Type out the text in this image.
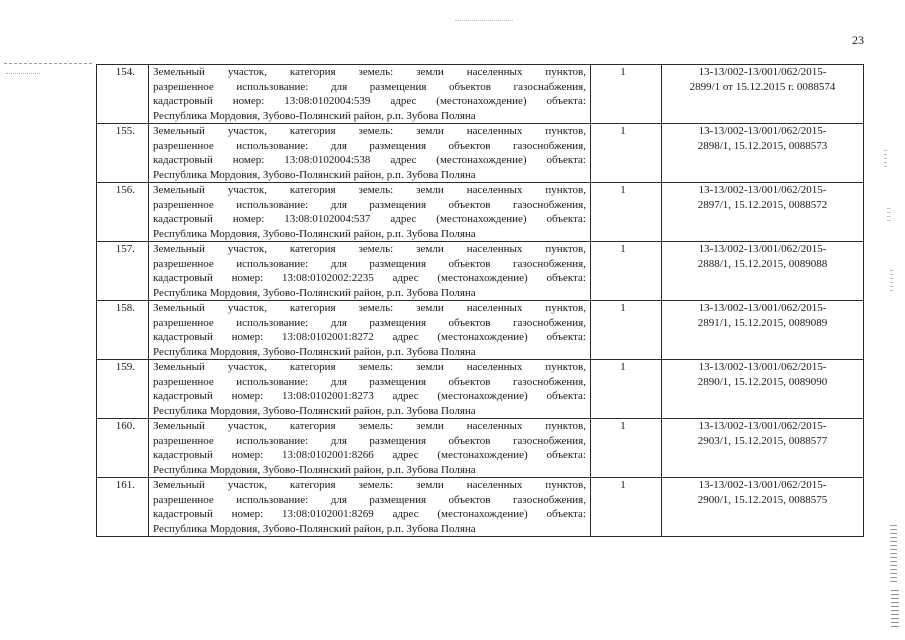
23
154.	Земельный участок, категория земель: земли населенных пунктов,
разрешенное использование: для размещения объектов газоснабжения,
кадастровый номер: 13:08:0102004:539 адрес (местонахождение) объекта:
Республика Мордовия, Зубово-Полянский район, р.п. Зубова Поляна	1	13-13/002-13/001/062/2015-
2899/1 от 15.12.2015 г. 0088574

155.	Земельный участок, категория земель: земли населенных пунктов,
разрешенное использование: для размещения объектов газоснобжения,
кадастровый номер: 13:08:0102004:538 адрес (местонахождение) объекта:
Республика Мордовия, Зубово-Полянский район, р.п. Зубова Поляна	1	13-13/002-13/001/062/2015-
2898/1, 15.12.2015, 0088573

156.	Земельный участок, категория земель: земли населенных пунктов,
разрешенное использование: для размещения объектов газоснобжения,
кадастровый номер: 13:08:0102004:537 адрес (местонахождение) объекта:
Республика Мордовия, Зубово-Полянский район, р.п. Зубова Поляна	1	13-13/002-13/001/062/2015-
2897/1, 15.12.2015, 0088572

157.	Земельный участок, категория земель: земли населенных пунктов,
разрешенное использование: для размещения объектов газоснобжения,
кадастровый номер: 13:08:0102002:2235 адрес (местонахождение) объекта:
Республика Мордовия, Зубово-Полянский район, р.п. Зубова Поляна	1	13-13/002-13/001/062/2015-
2888/1, 15.12.2015, 0089088

158.	Земельный участок, категория земель: земли населенных пунктов,
разрешенное использование: для размещения объектов газоснобжения,
кадастровый номер: 13:08:0102001:8272 адрес (местонахождение) объекта:
Республика Мордовия, Зубово-Полянский район, р.п. Зубова Поляна	1	13-13/002-13/001/062/2015-
2891/1, 15.12.2015, 0089089

159.	Земельный участок, категория земель: земли населенных пунктов,
разрешенное использование: для размещения объектов газоснобжения,
кадастровый номер: 13:08:0102001:8273 адрес (местонахождение) объекта:
Республика Мордовия, Зубово-Полянский район, р.п. Зубова Поляна	1	13-13/002-13/001/062/2015-
2890/1, 15.12.2015, 0089090

160.	Земельный участок, категория земель: земли населенных пунктов,
разрешенное использование: для размещения объектов газоснобжения,
кадастровый номер: 13:08:0102001:8266 адрес (местонахождение) объекта:
Республика Мордовия, Зубово-Полянский район, р.п. Зубова Поляна	1	13-13/002-13/001/062/2015-
2903/1, 15.12.2015, 0088577

161.	Земельный участок, категория земель: земли населенных пунктов,
разрешенное использование: для размещения объектов газоснобжения,
кадастровый номер: 13:08:0102001:8269 адрес (местонахождение) объекта:
Республика Мордовия, Зубово-Полянский район, р.п. Зубова Поляна	1	13-13/002-13/001/062/2015-
2900/1, 15.12.2015, 0088575
